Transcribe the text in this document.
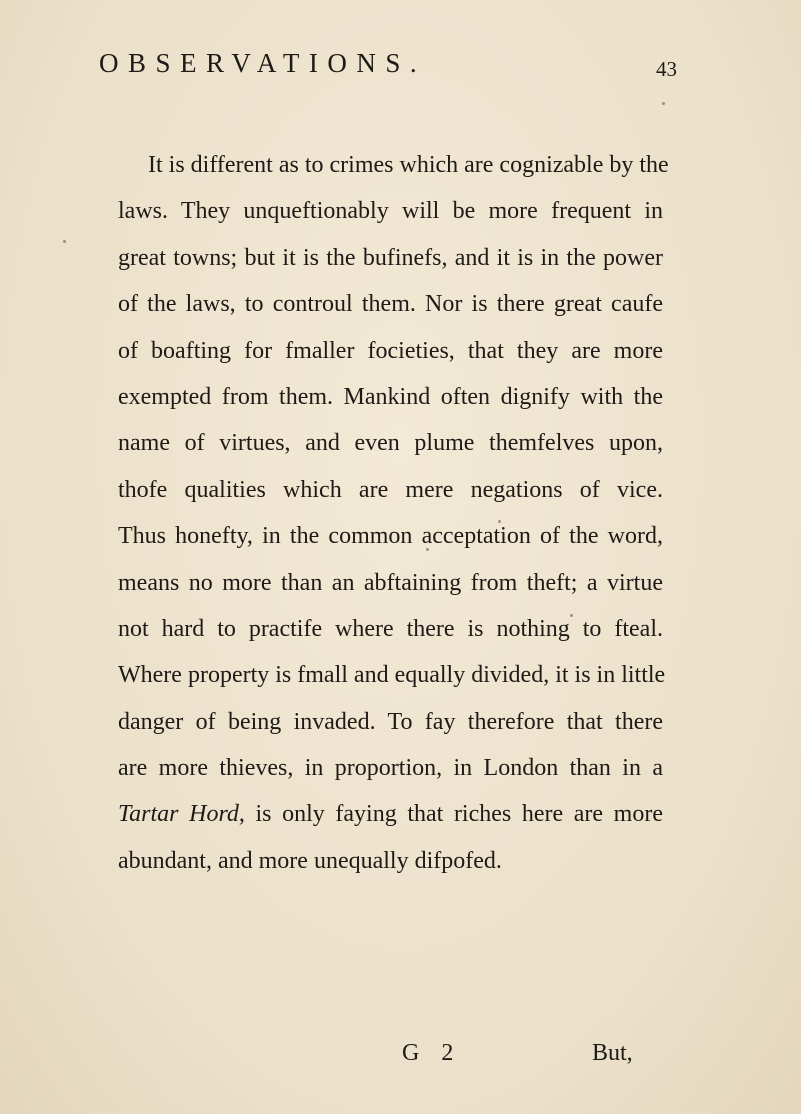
OBSERVATIONS.	43
It is different as to crimes which are cognizable by the
laws. They unqueftionably will be more frequent in
great towns; but it is the bufinefs, and it is in the power
of the laws, to controul them. Nor is there great caufe
of boafting for fmaller focieties, that they are more
exempted from them. Mankind often dignify with the
name of virtues, and even plume themfelves upon,
thofe qualities which are mere negations of vice.
Thus honefty, in the common acceptation of the word,
means no more than an abftaining from theft; a virtue
not hard to practife where there is nothing to fteal.
Where property is fmall and equally divided, it is in little
danger of being invaded. To fay therefore that there
are more thieves, in proportion, in London than in a
Tartar Hord, is only faying that riches here are more
abundant, and more unequally difpofed.
G 2	But,
